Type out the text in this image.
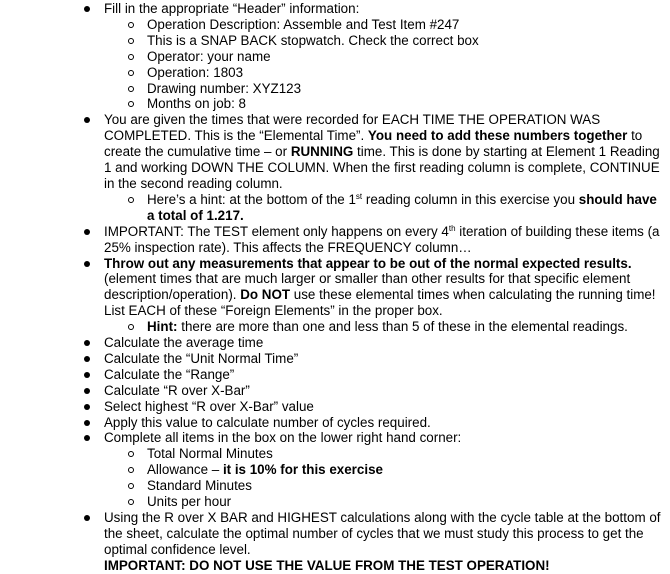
Fill in the appropriate “Header” information:
Operation Description: Assemble and Test Item #247
This is a SNAP BACK stopwatch. Check the correct box
Operator: your name
Operation: 1803
Drawing number: XYZ123
Months on job: 8
You are given the times that were recorded for EACH TIME THE OPERATION WAS COMPLETED. This is the “Elemental Time”. You need to add these numbers together to create the cumulative time – or RUNNING time. This is done by starting at Element 1 Reading 1 and working DOWN THE COLUMN. When the first reading column is complete, CONTINUE in the second reading column.
Here’s a hint: at the bottom of the 1st reading column in this exercise you should have a total of 1.217.
IMPORTANT: The TEST element only happens on every 4th iteration of building these items (a 25% inspection rate). This affects the FREQUENCY column…
Throw out any measurements that appear to be out of the normal expected results. (element times that are much larger or smaller than other results for that specific element description/operation). Do NOT use these elemental times when calculating the running time! List EACH of these “Foreign Elements” in the proper box.
Hint: there are more than one and less than 5 of these in the elemental readings.
Calculate the average time
Calculate the “Unit Normal Time”
Calculate the “Range”
Calculate “R over X-Bar”
Select highest “R over X-Bar” value
Apply this value to calculate number of cycles required.
Complete all items in the box on the lower right hand corner:
Total Normal Minutes
Allowance – it is 10% for this exercise
Standard Minutes
Units per hour
Using the R over X BAR and HIGHEST calculations along with the cycle table at the bottom of the sheet, calculate the optimal number of cycles that we must study this process to get the optimal confidence level.
IMPORTANT: DO NOT USE THE VALUE FROM THE TEST OPERATION!
